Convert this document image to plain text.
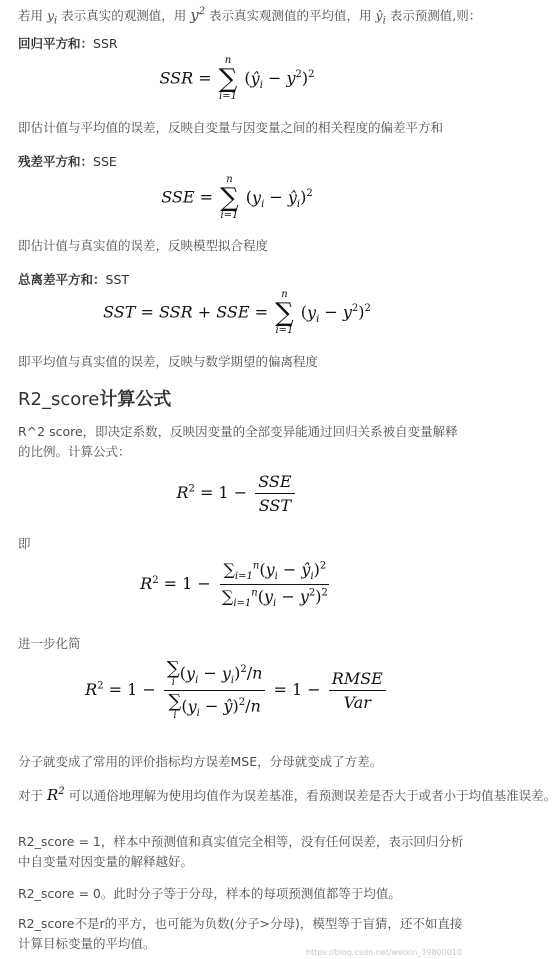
若用 $y_i$ 表示真实的观测值，用 $y^2$ 表示真实观测值的平均值，用 $ŷ_i$ 表示预测值,则：
回归平方和：SSR
SSR =
n
∑
i=1
$(ŷ_i - y^2)^2$
即估计值与平均值的误差，反映自变量与因变量之间的相关程度的偏差平方和
残差平方和：SSE
SSE =
n
∑
i=1
($y_i$ − $ŷ_i)^2$
即估计值与真实值的误差，反映模型拟合程度
总离差平方和：SST
SST = SSR + SSE =
n
∑
i=1
$(y_i - y^2)^2$
即平均值与真实值的误差，反映与数学期望的偏离程度
R2_score计算公式
R^2 score，即决定系数，反映因变量的全部变异能通过回归关系被自变量解释的比例。计算公式：
$R^2 = 1 - \frac{\text{SSE}}{\text{SST}}$
即
$R^2 = 1 - \frac{\sum_{i=1}^n(y_i - ŷ_i)^2}{\sum_{i=1}^n(y_i - y^2)^2}$
进一步化简
$R^2 = 1$ − ∑
i $(y_i - y_i)^2/n$
∑
i ($y_i$ − ŷ)$^2$/n = $1 - \frac{\text{RMSE}}{\text{Var}}$
分子就变成了常用的评价指标均方误差MSE，分母就变成了方差。
对于 $R^2$ 可以通俗地理解为使用均值作为误差基准，看预测误差是否大于或者小于均值基准误差。
R2_score = 1，样本中预测值和真实值完全相等，没有任何误差，表示回归分析中自变量对因变量的解释越好。
R2_score = 0。此时分子等于分母，样本的每项预测值都等于均值。
R2_score不是r的平方，也可能为负数(分子>分母)，模型等于盲猜，还不如直接计算目标变量的平均值。
https://blog.csdn.net/weixin_39800010
